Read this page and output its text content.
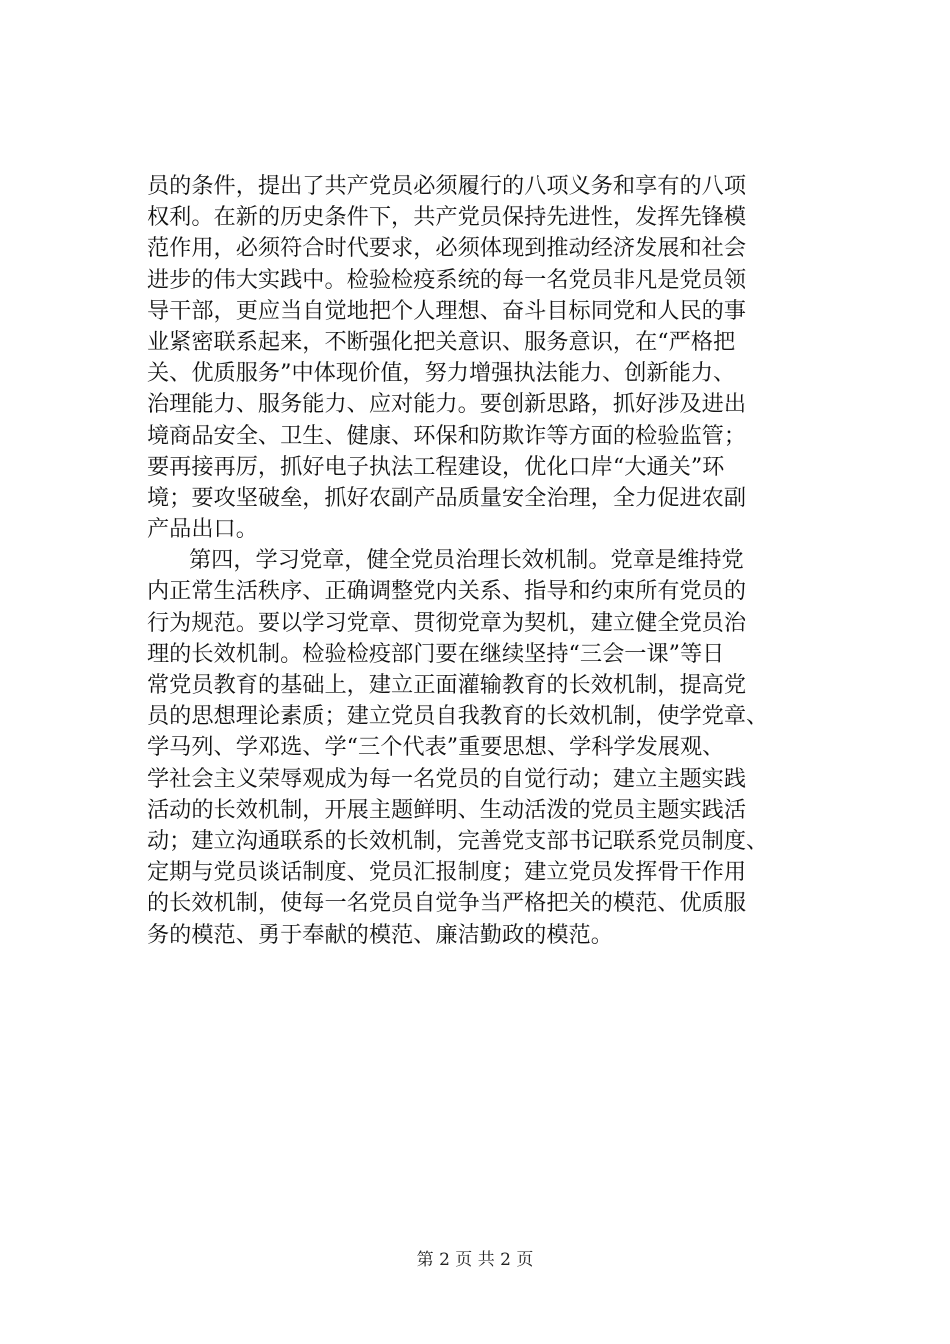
员的条件，提出了共产党员必须履行的八项义务和享有的八项
权利。在新的历史条件下，共产党员保持先进性，发挥先锋模
范作用，必须符合时代要求，必须体现到推动经济发展和社会
进步的伟大实践中。检验检疫系统的每一名党员非凡是党员领
导干部，更应当自觉地把个人理想、奋斗目标同党和人民的事
业紧密联系起来，不断强化把关意识、服务意识，在“严格把
关、优质服务”中体现价值，努力增强执法能力、创新能力、
治理能力、服务能力、应对能力。要创新思路，抓好涉及进出
境商品安全、卫生、健康、环保和防欺诈等方面的检验监管；
要再接再厉，抓好电子执法工程建设，优化口岸“大通关”环
境；要攻坚破垒，抓好农副产品质量安全治理，全力促进农副
产品出口。
第四，学习党章，健全党员治理长效机制。党章是维持党
内正常生活秩序、正确调整党内关系、指导和约束所有党员的
行为规范。要以学习党章、贯彻党章为契机，建立健全党员治
理的长效机制。检验检疫部门要在继续坚持“三会一课”等日
常党员教育的基础上，建立正面灌输教育的长效机制，提高党
员的思想理论素质；建立党员自我教育的长效机制，使学党章、
学马列、学邓选、学“三个代表”重要思想、学科学发展观、
学社会主义荣辱观成为每一名党员的自觉行动；建立主题实践
活动的长效机制，开展主题鲜明、生动活泼的党员主题实践活
动；建立沟通联系的长效机制，完善党支部书记联系党员制度、
定期与党员谈话制度、党员汇报制度；建立党员发挥骨干作用
的长效机制，使每一名党员自觉争当严格把关的模范、优质服
务的模范、勇于奉献的模范、廉洁勤政的模范。
第 2 页 共 2 页
